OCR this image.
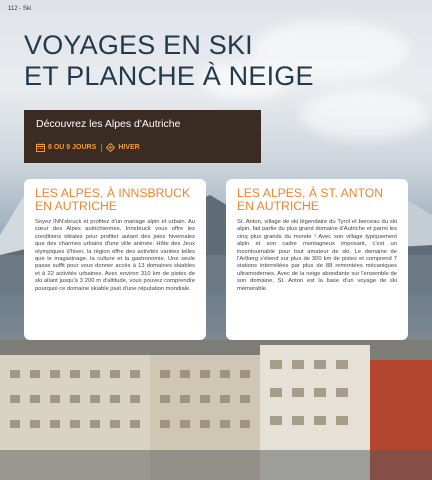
112 - Ski
VOYAGES EN SKI
ET PLANCHE À NEIGE
Découvrez les Alpes d'Autriche
8 OU 9 JOURS | HIVER
LES ALPES, À INNSBRUCK EN AUTRICHE

Soyez INN'sbruck et profitez d'un mariage alpin et urbain. Au cœur des Alpes autrichiennes, Innsbruck vous offre les conditions idéales pour profiter autant des joies hivernales que des charmes urbains d'une ville animée. Hôte des Jeux olympiques d'hiver, la région offre des activités variées telles que le magasinage, la culture et la gastronomie. Une seule passe suffit pour vous donner accès à 13 domaines skiables et à 22 activités urbaines. Avec environ 310 km de pistes de ski allant jusqu'à 3 200 m d'altitude, vous pouvez comprendre pourquoi ce domaine skiable jouit d'une réputation mondiale.

LES ALPES, À ST. ANTON EN AUTRICHE

St. Anton, village de ski légendaire du Tyrol et berceau du ski alpin, fait partie du plus grand domaine d'Autriche et parmi les cinq plus grands du monde ! Avec son village typiquement alpin et son cadre montagneux imposant, c'est un incontournable pour tout amateur de ski. Le domaine de l'Arlberg s'étend sur plus de 300 km de pistes et comprend 7 stations interreliées par plus de 88 remontées mécaniques ultramodernes. Avec de la neige abondante sur l'ensemble de son domaine, St. Anton est la base d'un voyage de ski mémorable.
